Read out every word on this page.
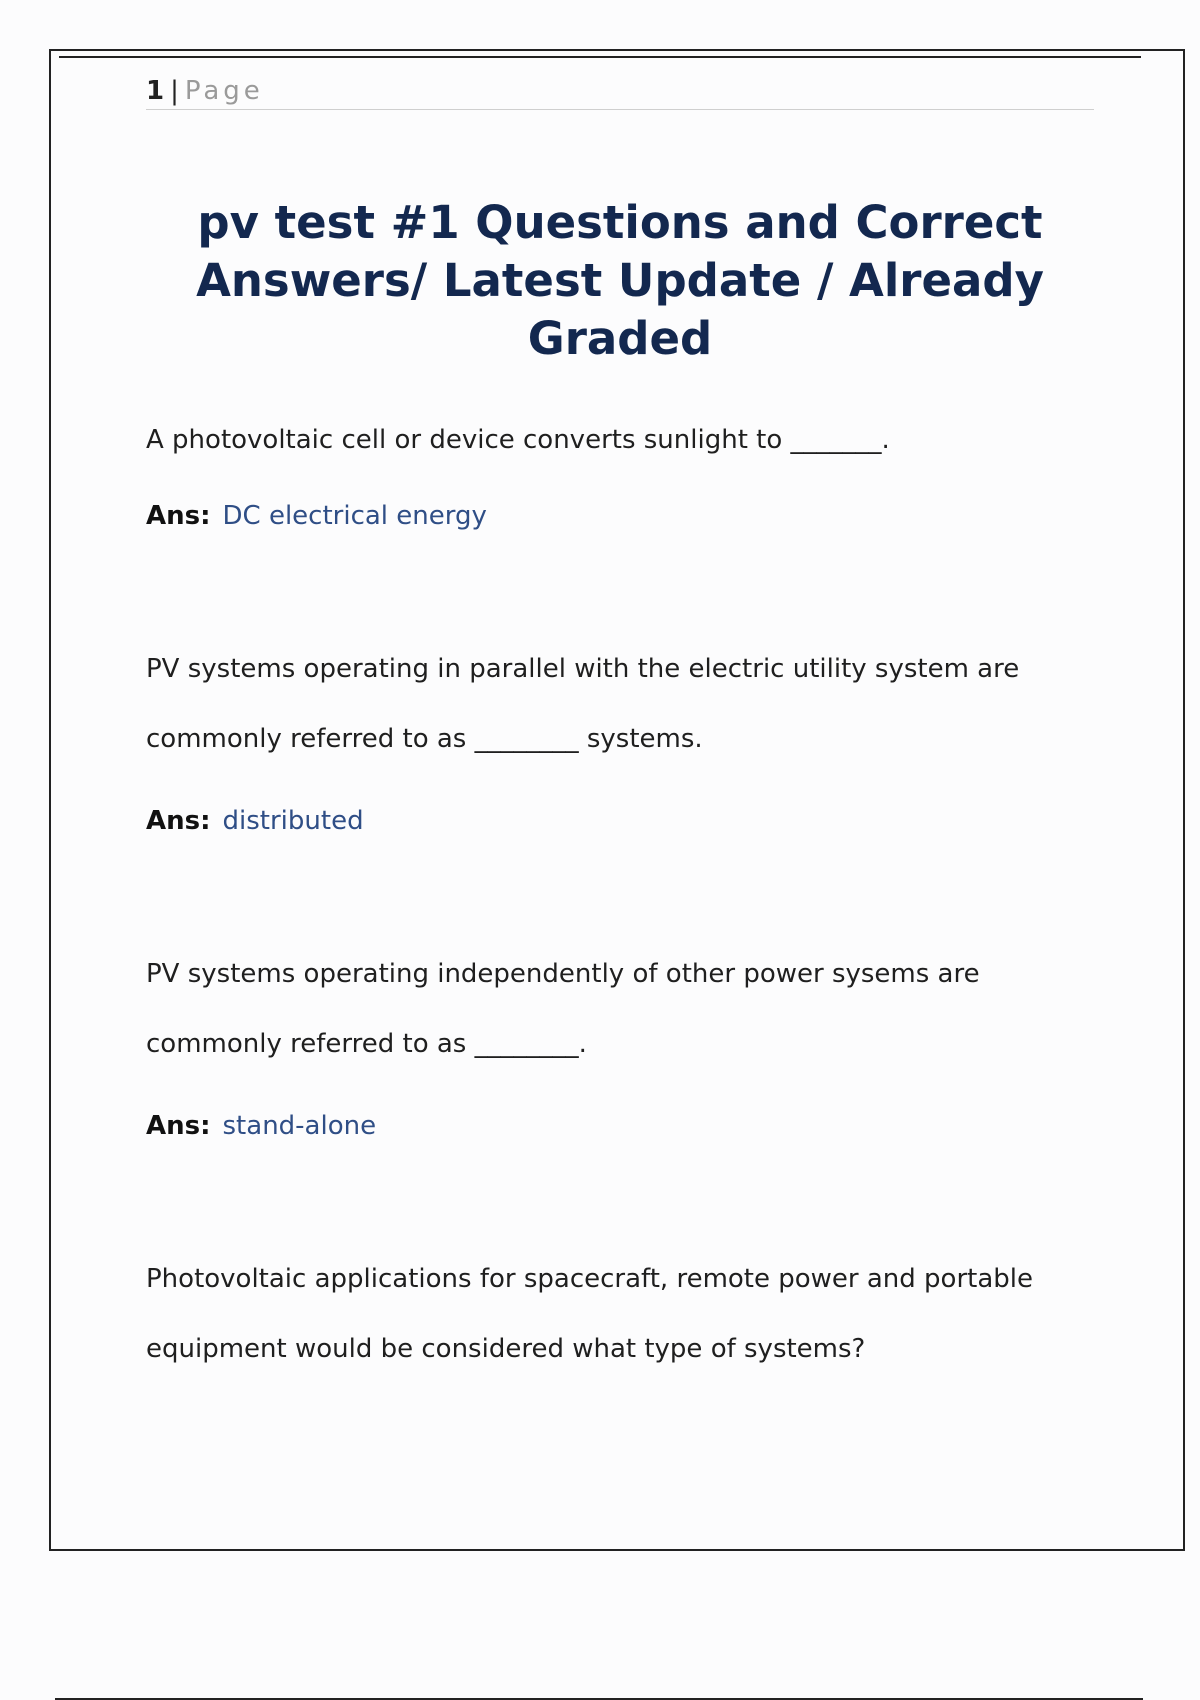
1 | Page
pv test #1 Questions and Correct Answers/ Latest Update / Already Graded

A photovoltaic cell or device converts sunlight to _______.

Ans: DC electrical energy

PV systems operating in parallel with the electric utility system are commonly referred to as ________ systems.

Ans: distributed

PV systems operating independently of other power sysems are commonly referred to as ________.

Ans: stand-alone

Photovoltaic applications for spacecraft, remote power and portable equipment would be considered what type of systems?
